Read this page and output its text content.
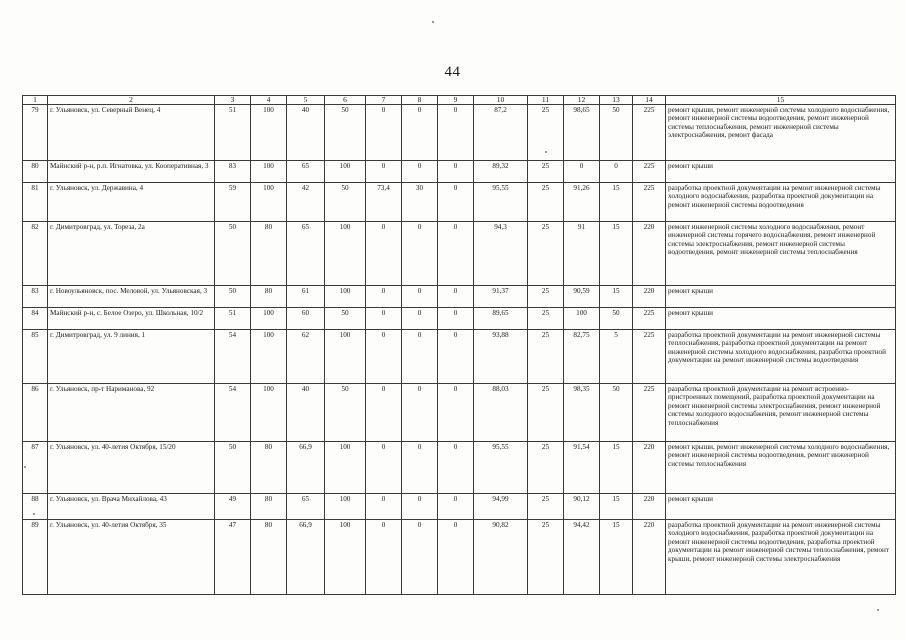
44
1	2	3	4	5	6	7	8	9	10	11	12	13	14	15
79	г. Ульяновск, ул. Северный Венец, 4	51	100	40	50	0	0	0	87,2	25	98,65	50	225	ремонт крыши, ремонт инженерной системы холодного водоснабжения, ремонт инженерной системы водоотведения, ремонт инженерной системы теплоснабжения, ремонт инженерной системы электроснабжения, ремонт фасада
80	Майнский р-н, р.п. Игнатовка, ул. Кооперативная, 3	83	100	65	100	0	0	0	89,32	25	0	0	225	ремонт крыши
81	г. Ульяновск, ул. Державина, 4	59	100	42	50	73,4	30	0	95,55	25	91,26	15	225	разработка проектной документации на ремонт инженерной системы холодного водоснабжения, разработка проектной документации на ремонт инженерной системы водоотведения
82	г. Димитровград, ул. Тореза, 2а	50	80	65	100	0	0	0	94,3	25	91	15	220	ремонт инженерной системы холодного водоснабжения, ремонт инженерной системы горячего водоснабжения, ремонт инженерной системы электроснабжения, ремонт инженерной системы водоотведения, ремонт инженерной системы теплоснабжения
83	г. Новоульяновск, пос. Меловой, ул. Ульяновская, 3	50	80	61	100	0	0	0	91,37	25	90,59	15	220	ремонт крыши
84	Майнский р-н, с. Белое Озеро, ул. Школьная, 10/2	51	100	60	50	0	0	0	89,65	25	100	50	225	ремонт крыши
85	г. Димитровград, ул. 9 линия, 1	54	100	62	100	0	0	0	93,88	25	82,75	5	225	разработка проектной документации на ремонт инженерной системы теплоснабжения, разработка проектной документации на ремонт инженерной системы холодного водоснабжения, разработка проектной документации на ремонт инженерной системы водоотведения
86	г. Ульяновск, пр-т Нариманова, 92	54	100	40	50	0	0	0	88,03	25	98,35	50	225	разработка проектной документации на ремонт встроенно-пристроенных помещений, разработка проектной документации на ремонт инженерной системы электроснабжения, ремонт инженерной системы холодного водоснабжения, ремонт инженерной системы теплоснабжения
87	г. Ульяновск, ул. 40-летия Октября, 15/20	50	80	66,9	100	0	0	0	95,55	25	91,54	15	220	ремонт крыши, ремонт инженерной системы холодного водоснабжения, ремонт инженерной системы водоотведения, ремонт инженерной системы теплоснабжения
88	г. Ульяновск, ул. Врача Михайлова, 43	49	80	65	100	0	0	0	94,99	25	90,12	15	220	ремонт крыши
89	г. Ульяновск, ул. 40-летия Октября, 35	47	80	66,9	100	0	0	0	90,82	25	94,42	15	220	разработка проектной документации на ремонт инженерной системы холодного водоснабжения, разработка проектной документации на ремонт инженерной системы водоотведения, разработка проектной документации на ремонт инженерной системы теплоснабжения, ремонт крыши, ремонт инженерной системы электроснабжения
